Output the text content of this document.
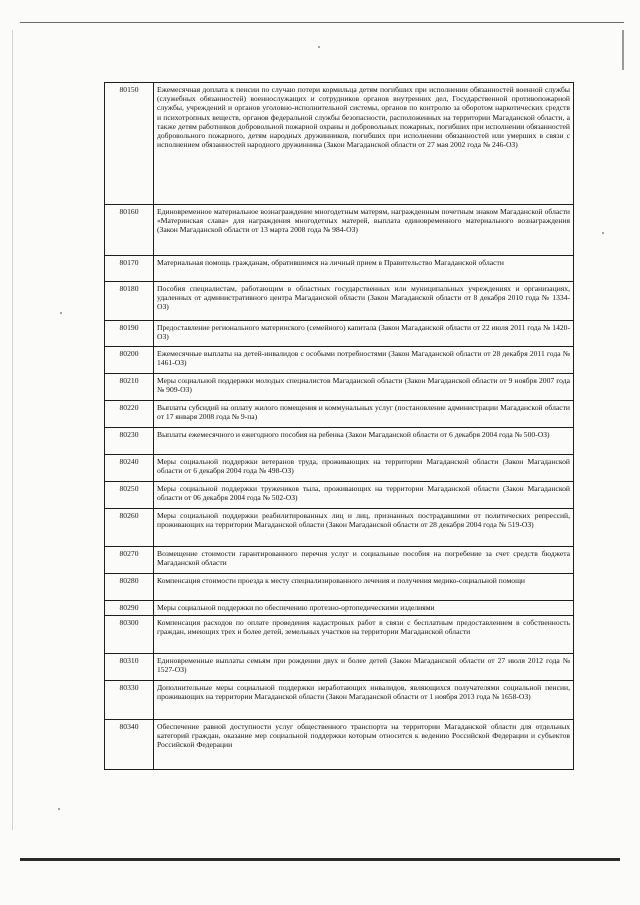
80150	Ежемесячная доплата к пенсии по случаю потери кормильца детям погибших при исполнении обязанностей военной службы (служебных обязанностей) военнослужащих и сотрудников органов внутренних дел, Государственной противопожарной службы, учреждений и органов уголовно-исполнительной системы, органов по контролю за оборотом наркотических средств и психотропных веществ, органов федеральной службы безопасности, расположенных на территории Магаданской области, а также детям работников добровольной пожарной охраны и добровольных пожарных, погибших при исполнении обязанностей добровольного пожарного, детям народных дружинников, погибших при исполнении обязанностей или умерших в связи с исполнением обязанностей народного дружинника (Закон Магаданской области от 27 мая 2002 года № 246-ОЗ)
80160	Единовременное материальное вознаграждение многодетным матерям, награжденным почетным знаком Магаданской области «Материнская слава» для награждения многодетных матерей, выплата единовременного материального вознаграждения (Закон Магаданской области от 13 марта 2008 года № 984-ОЗ)
80170	Материальная помощь гражданам, обратившимся на личный прием в Правительство Магаданской области
80180	Пособия специалистам, работающим в областных государственных или муниципальных учреждениях и организациях, удаленных от административного центра Магаданской области (Закон Магаданской области от 8 декабря 2010 года № 1334-ОЗ)
80190	Предоставление регионального материнского (семейного) капитала (Закон Магаданской области от 22 июля 2011 года № 1420-ОЗ)
80200	Ежемесячные выплаты на детей-инвалидов с особыми потребностями (Закон Магаданской области от 28 декабря 2011 года № 1461-ОЗ)
80210	Меры социальной поддержки молодых специалистов Магаданской области (Закон Магаданской области от 9 ноября 2007 года № 909-ОЗ)
80220	Выплаты субсидий на оплату жилого помещения и коммунальных услуг (постановление администрации Магаданской области от 17 января 2008 года № 9-па)
80230	Выплаты ежемесячного и ежегодного пособия на ребенка (Закон Магаданской области от 6 декабря 2004 года № 500-ОЗ)
80240	Меры социальной поддержки ветеранов труда, проживающих на территории Магаданской области (Закон Магаданской области от 6 декабря 2004 года № 498-ОЗ)
80250	Меры социальной поддержки тружеников тыла, проживающих на территории Магаданской области (Закон Магаданской области от 06 декабря 2004 года № 502-ОЗ)
80260	Меры социальной поддержки реабилитированных лиц и лиц, признанных пострадавшими от политических репрессий, проживающих на территории Магаданской области (Закон Магаданской области от 28 декабря 2004 года № 519-ОЗ)
80270	Возмещение стоимости гарантированного перечня услуг и социальные пособия на погребение за счет средств бюджета Магаданской области
80280	Компенсация стоимости проезда к месту специализированного лечения и получения медико-социальной помощи
80290	Меры социальной поддержки по обеспечению протезно-ортопедическими изделиями
80300	Компенсация расходов по оплате проведения кадастровых работ в связи с бесплатным предоставлением в собственность граждан, имеющих трех и более детей, земельных участков на территории Магаданской области
80310	Единовременные выплаты семьям при рождении двух и более детей (Закон Магаданской области от 27 июля 2012 года № 1527-ОЗ)
80330	Дополнительные меры социальной поддержки неработающих инвалидов, являющихся получателями социальной пенсии, проживающих на территории Магаданской области (Закон Магаданской области от 1 ноября 2013 года № 1658-ОЗ)
80340	Обеспечение равной доступности услуг общественного транспорта на территории Магаданской области для отдельных категорий граждан, оказание мер социальной поддержки которым относится к ведению Российской Федерации и субъектов Российской Федерации
